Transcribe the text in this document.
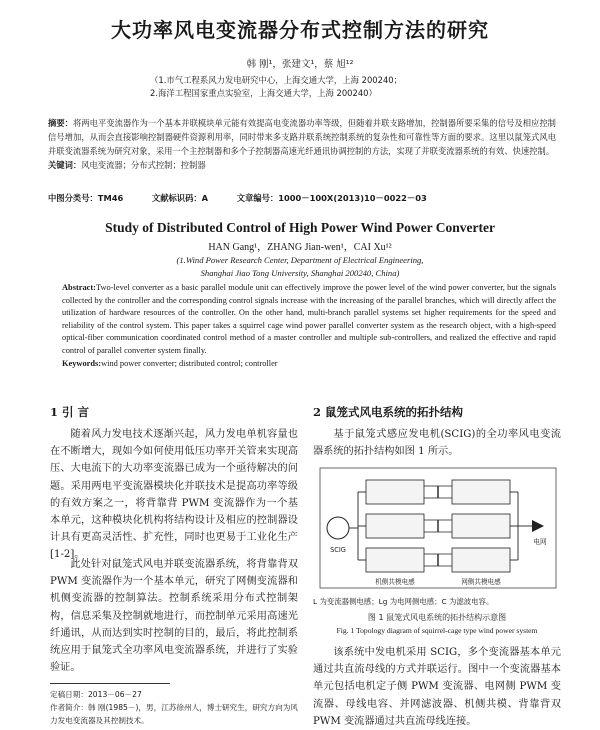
大功率风电变流器分布式控制方法的研究
韩 刚¹，张建文¹，蔡 旭¹²
（1.市气工程系风力发电研究中心，上海交通大学，上海 200240；
2.海洋工程国家重点实验室，上海交通大学，上海 200240）
摘要：将两电平变流器作为一个基本并联模块单元能有效提高电变流器功率等级，但随着并联支路增加，控制器所要采集的信号及相应控制信号增加，从而会直接影响控制器硬件资源利用率，同时带来多支路并联系统控制系统的复杂性和可靠性等方面的要求。这里以鼠笼式风电并联变流器系统为研究对象，采用一个主控制器和多个子控制器高速光纤通讯协调控制的方法，实现了并联变流器系统的有效、快速控制。
关键词：风电变流器；分布式控制；控制器
中图分类号：TM46	文献标识码：A	文章编号：1000－100X(2013)10－0022－03
Study of Distributed Control of High Power Wind Power Converter
HAN Gang¹，ZHANG Jian-wen¹，CAI Xu¹²
(1.Wind Power Research Center, Department of Electrical Engineering,
Shanghai Jiao Tong University, Shanghai 200240, China)
Abstract:Two-level converter as a basic parallel module unit can effectively improve the power level of the wind power converter, but the signals collected by the controller and the corresponding control signals increase with the increasing of the parallel branches, which will directly affect the utilization of hardware resources of the controller. On the other hand, multi-branch parallel systems set higher requirements for the speed and reliability of the control system. This paper takes a squirrel cage wind power parallel converter system as the research object, with a high-speed optical-fiber communication coordinated control method of a master controller and multiple sub-controllers, and realized the effective and rapid control of parallel converter system finally.
Keywords:wind power converter; distributed control; controller
1 引 言
随着风力发电技术逐渐兴起，风力发电单机容量也在不断增大，现如今如何使用低压功率开关管来实现高压、大电流下的大功率变流器已成为一个亟待解决的问题。采用两电平变流器模块化并联技术是提高功率等级的有效方案之一，将背靠背 PWM 变流器作为一个基本单元，这种模块化机构将结构设计及相应的控制器设计具有更高灵活性、扩充性，同时也更易于工业化生产[1-2]。
此处针对鼠笼式风电并联变流器系统，将背靠背双 PWM 变流器作为一个基本单元，研究了网侧变流器和机侧变流器的控制算法。控制系统采用分布式控制架构，信息采集及控制就地进行，而控制单元采用高速光纤通讯，从而达到实时控制的目的，最后，将此控制系统应用于鼠笼式全功率风电变流器系统，并进行了实验验证。
定稿日期：2013－06－27
作者简介：韩 刚(1985－)，男，江苏徐州人，博士研究生，研究方向为风力发电变流器及其控制技术。
2 鼠笼式风电系统的拓扑结构
基于鼠笼式感应发电机(SCIG)的全功率风电变流器系统的拓扑结构如图 1 所示。
SCIG
电网
机侧共模电感	网侧共模电感
L 为变流器侧电感；Lg 为电网侧电感；C 为滤波电容。
图 1 鼠笼式风电系统的拓扑结构示意图
Fig. 1 Topology diagram of squirrel-cage type wind power system
该系统中发电机采用 SCIG，多个变流器基本单元通过共直流母线的方式并联运行。图中一个变流器基本单元包括电机定子侧 PWM 变流器、电网侧 PWM 变流器、母线电容、并网滤波器、机侧共模、背靠背双 PWM 变流器通过共直流母线连接。
